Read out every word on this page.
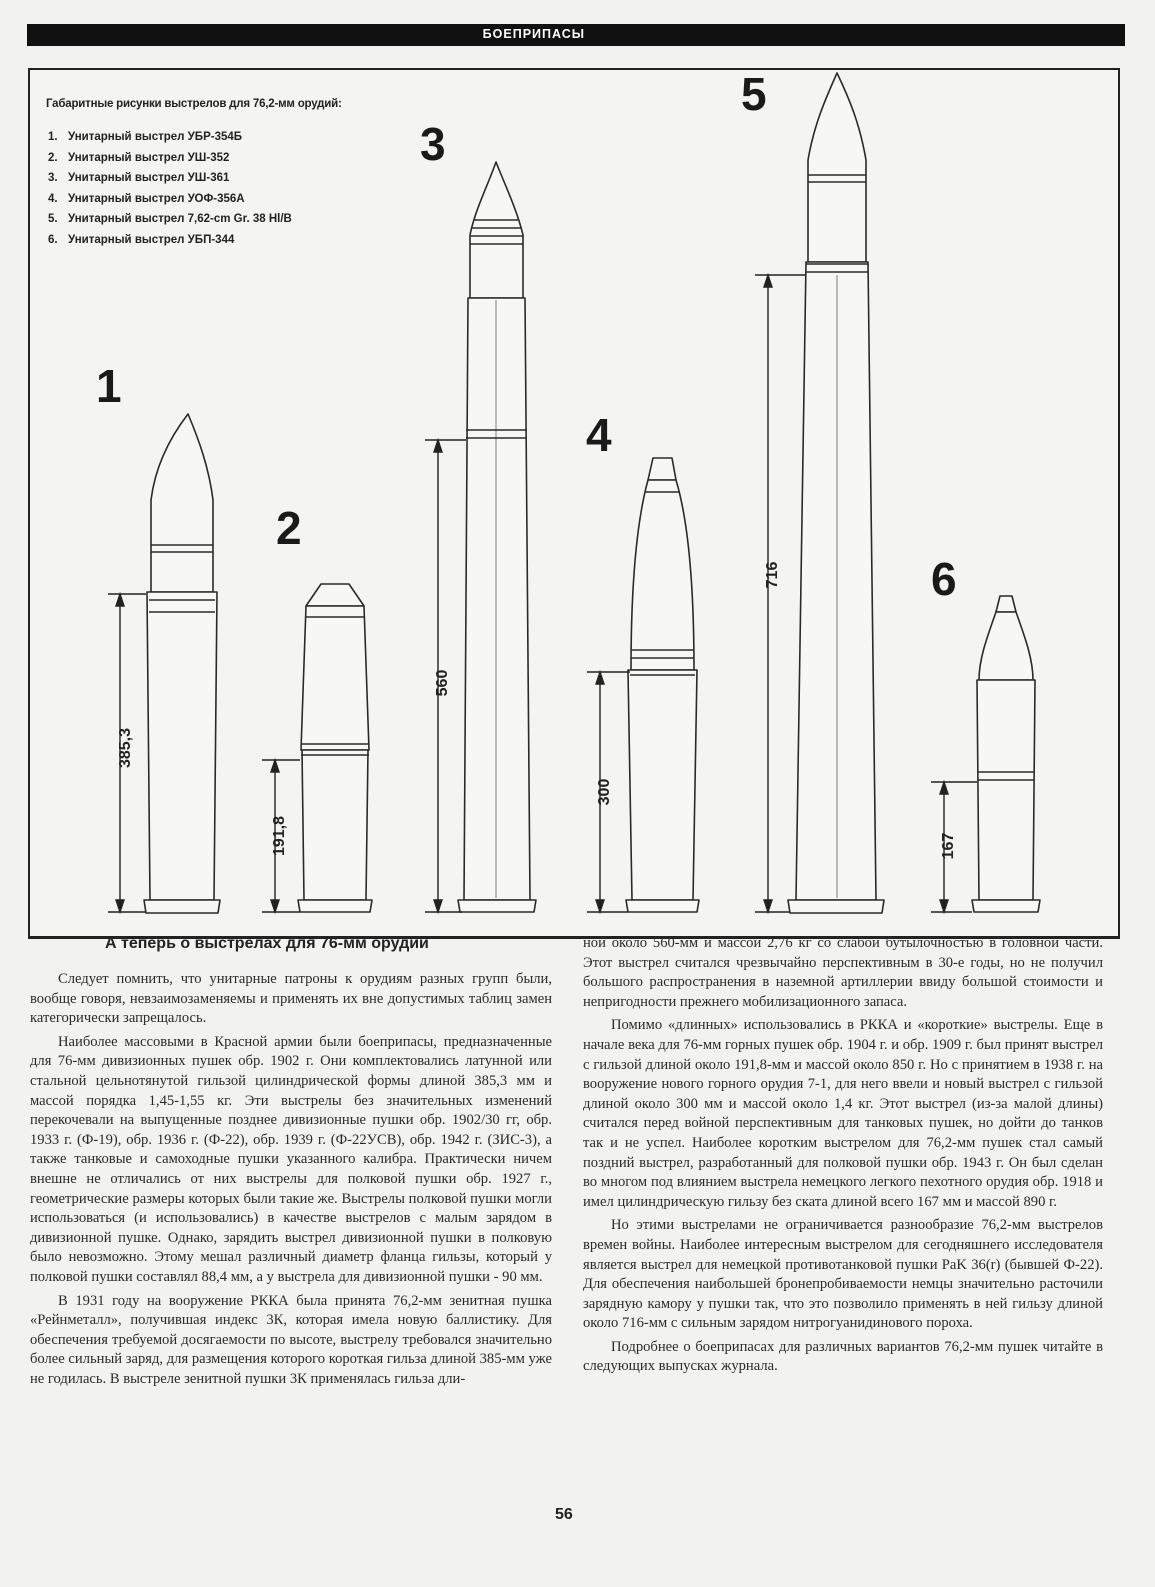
БОЕПРИПАСЫ
Габаритные рисунки выстрелов для 76,2-мм орудий:
1. Унитарный выстрел УБР-354Б
2. Унитарный выстрел УШ-352
3. Унитарный выстрел УШ-361
4. Унитарный выстрел УОФ-356А
5. Унитарный выстрел 7,62-cm Gr. 38 Hl/B
6. Унитарный выстрел УБП-344
385,3
191,8
560
300
716
167
1
2
3
4
5
6
А теперь о выстрелах для 76-мм орудий

Следует помнить, что унитарные патроны к орудиям разных групп были, вообще говоря, невзаимозаменяемы и применять их вне допустимых таблиц замен категорически запрещалось.

Наиболее массовыми в Красной армии были боеприпасы, предназначенные для 76-мм дивизионных пушек обр. 1902 г. Они комплектовались латунной или стальной цельнотянутой гильзой цилиндрической формы длиной 385,3 мм и массой порядка 1,45-1,55 кг. Эти выстрелы без значительных изменений перекочевали на выпущенные позднее дивизионные пушки обр. 1902/30 гг, обр. 1933 г. (Ф-19), обр. 1936 г. (Ф-22), обр. 1939 г. (Ф-22УСВ), обр. 1942 г. (ЗИС-3), а также танковые и самоходные пушки указанного калибра. Практически ничем внешне не отличались от них выстрелы для полковой пушки обр. 1927 г., геометрические размеры которых были такие же. Выстрелы полковой пушки могли использоваться (и использовались) в качестве выстрелов с малым зарядом в дивизионной пушке. Однако, зарядить выстрел дивизионной пушки в полковую было невозможно. Этому мешал различный диаметр фланца гильзы, который у полковой пушки составлял 88,4 мм, а у выстрела для дивизионной пушки - 90 мм.

В 1931 году на вооружение РККА была принята 76,2-мм зенитная пушка «Рейнметалл», получившая индекс 3К, которая имела новую баллистику. Для обеспечения требуемой досягаемости по высоте, выстрелу требовался значительно более сильный заряд, для размещения которого короткая гильза длиной 385-мм уже не годилась. В выстреле зенитной пушки 3К применялась гильза дли-

ной около 560-мм и массой 2,76 кг со слабой бутылочностью в головной части. Этот выстрел считался чрезвычайно перспективным в 30-е годы, но не получил большого распространения в наземной артиллерии ввиду большой стоимости и непригодности прежнего мобилизационного запаса.

Помимо «длинных» использовались в РККА и «короткие» выстрелы. Еще в начале века для 76-мм горных пушек обр. 1904 г. и обр. 1909 г. был принят выстрел с гильзой длиной около 191,8-мм и массой около 850 г. Но с принятием в 1938 г. на вооружение нового горного орудия 7-1, для него ввели и новый выстрел с гильзой длиной около 300 мм и массой около 1,4 кг. Этот выстрел (из-за малой длины) считался перед войной перспективным для танковых пушек, но дойти до танков так и не успел. Наиболее коротким выстрелом для 76,2-мм пушек стал самый поздний выстрел, разработанный для полковой пушки обр. 1943 г. Он был сделан во многом под влиянием выстрела немецкого легкого пехотного орудия обр. 1918 и имел цилиндрическую гильзу без ската длиной всего 167 мм и массой 890 г.

Но этими выстрелами не ограничивается разнообразие 76,2-мм выстрелов времен войны. Наиболее интересным выстрелом для сегодняшнего исследователя является выстрел для немецкой противотанковой пушки PaK 36(r) (бывшей Ф-22). Для обеспечения наибольшей бронепробиваемости немцы значительно расточили зарядную камору у пушки так, что это позволило применять в ней гильзу длиной около 716-мм с сильным зарядом нитрогуанидинового пороха.

Подробнее о боеприпасах для различных вариантов 76,2-мм пушек читайте в следующих выпусках журнала.

56
